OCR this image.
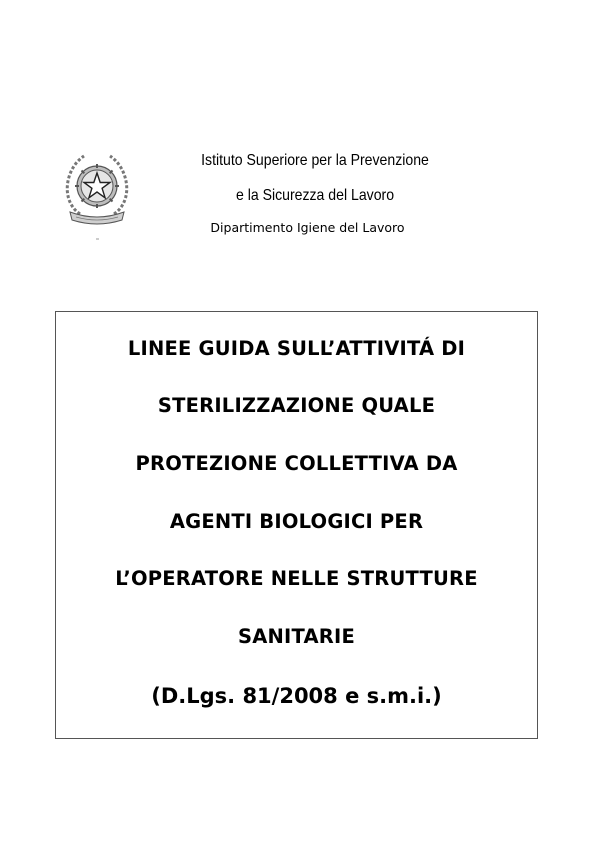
Istituto Superiore per la Prevenzione
e la Sicurezza del Lavoro
Dipartimento Igiene del Lavoro
LINEE GUIDA SULL’ATTIVITÁ DI
STERILIZZAZIONE QUALE
PROTEZIONE COLLETTIVA DA
AGENTI BIOLOGICI PER
L’OPERATORE NELLE STRUTTURE
SANITARIE
(D.Lgs. 81/2008 e s.m.i.)
